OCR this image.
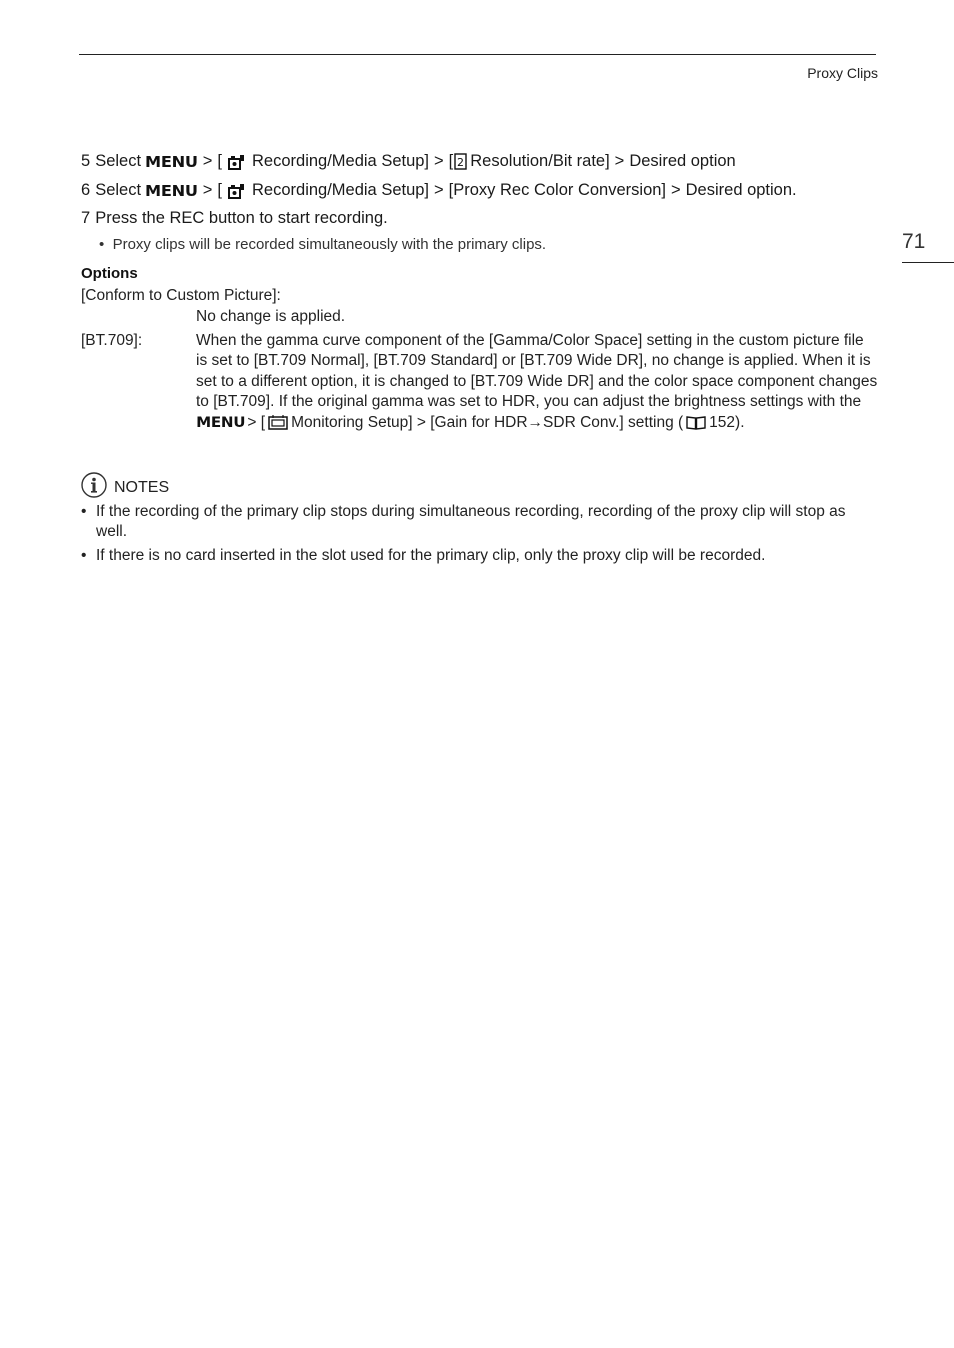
Proxy Clips
71
5 Select MENU > [ Recording/Media Setup] > [ 2 Resolution/Bit rate] > Desired option
6 Select MENU > [ Recording/Media Setup] > [Proxy Rec Color Conversion] > Desired option.
7 Press the REC button to start recording.
•  Proxy clips will be recorded simultaneously with the primary clips.
Options
[Conform to Custom Picture]:
No change is applied.
[BT.709]:	When the gamma curve component of the [Gamma/Color Space] setting in the custom picture file is set to [BT.709 Normal], [BT.709 Standard] or [BT.709 Wide DR], no change is applied. When it is set to a different option, it is changed to [BT.709 Wide DR] and the color space component changes to [BT.709]. If the original gamma was set to HDR, you can adjust the brightness settings with the MENU > [ Monitoring Setup] > [Gain for HDR→SDR Conv.] setting ( 152).
NOTES
• If the recording of the primary clip stops during simultaneous recording, recording of the proxy clip will stop as well.
• If there is no card inserted in the slot used for the primary clip, only the proxy clip will be recorded.
